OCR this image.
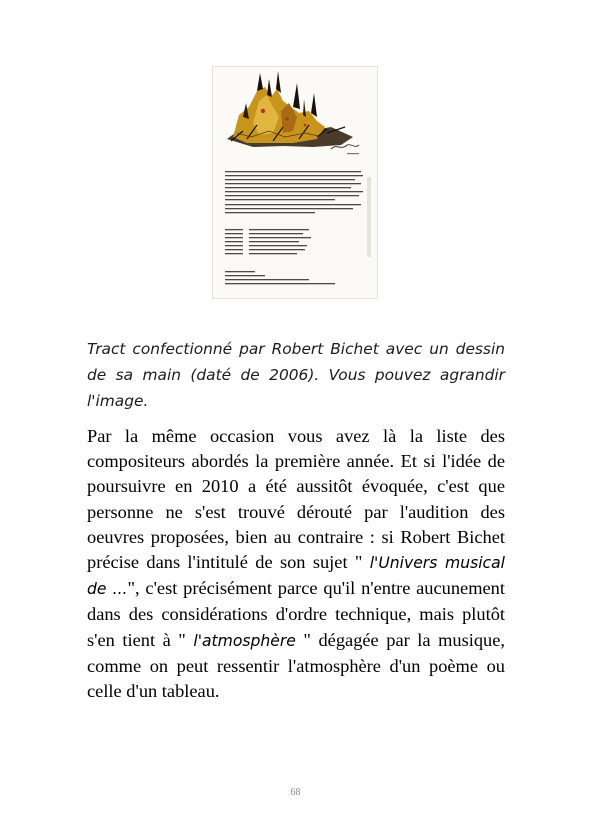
Tract confectionné par Robert Bichet avec un dessin de sa main (daté de 2006). Vous pouvez agrandir l'image.

Par la même occasion vous avez là la liste des compositeurs abordés la première année. Et si l'idée de poursuivre en 2010 a été aussitôt évoquée, c'est que personne ne s'est trouvé dérouté par l'audition des oeuvres proposées, bien au contraire : si Robert Bichet précise dans l'intitulé de son sujet " l'Univers musical de ...", c'est précisément parce qu'il n'entre aucunement dans des considérations d'ordre technique, mais plutôt s'en tient à " l'atmosphère " dégagée par la musique, comme on peut ressentir l'atmosphère d'un poème ou celle d'un tableau.

68
